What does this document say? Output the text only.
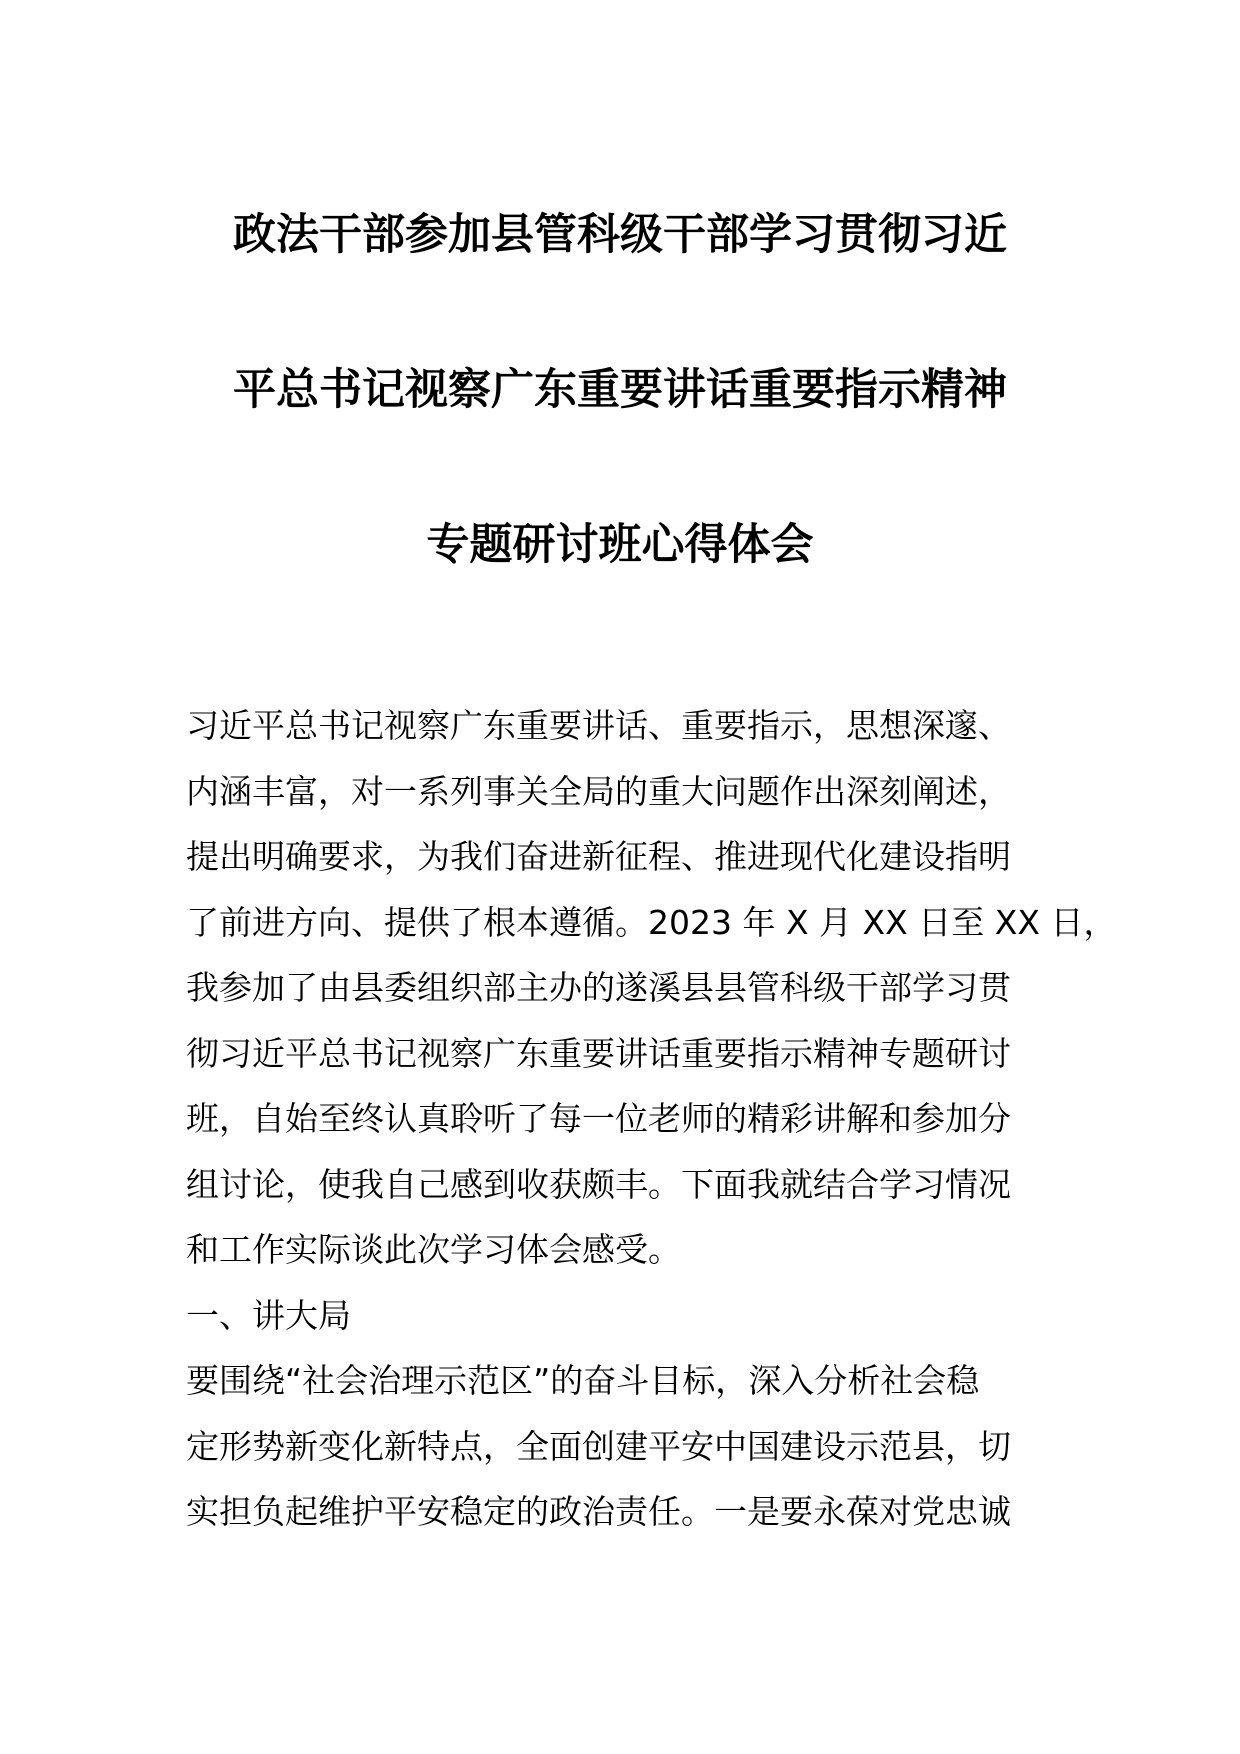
政法干部参加县管科级干部学习贯彻习近
平总书记视察广东重要讲话重要指示精神
专题研讨班心得体会
习近平总书记视察广东重要讲话、重要指示，思想深邃、
内涵丰富，对一系列事关全局的重大问题作出深刻阐述，
提出明确要求，为我们奋进新征程、推进现代化建设指明
了前进方向、提供了根本遵循。2023 年 X 月 XX 日至 XX 日，
我参加了由县委组织部主办的遂溪县县管科级干部学习贯
彻习近平总书记视察广东重要讲话重要指示精神专题研讨
班，自始至终认真聆听了每一位老师的精彩讲解和参加分
组讨论，使我自己感到收获颇丰。下面我就结合学习情况
和工作实际谈此次学习体会感受。
一、讲大局
要围绕“社会治理示范区”的奋斗目标，深入分析社会稳
定形势新变化新特点，全面创建平安中国建设示范县，切
实担负起维护平安稳定的政治责任。一是要永葆对党忠诚
